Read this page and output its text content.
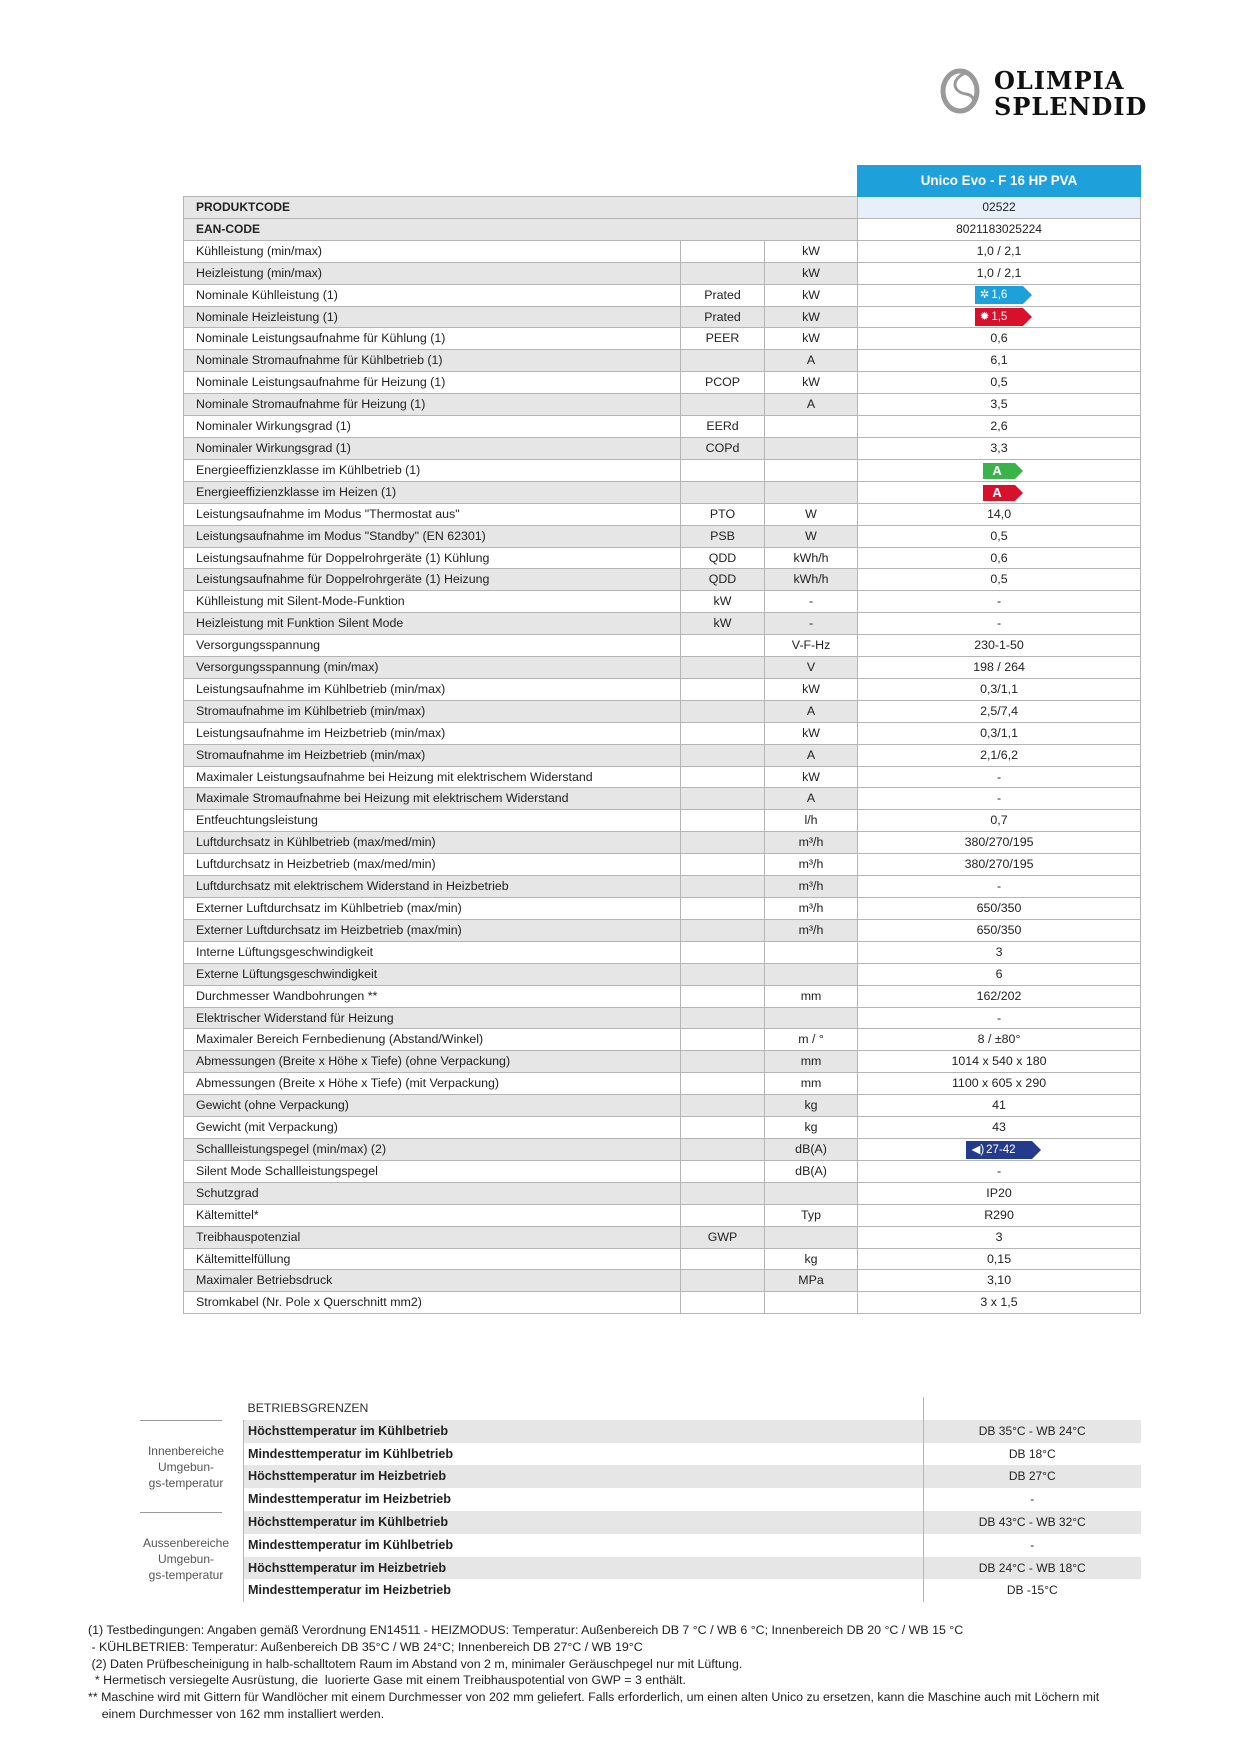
OLIMPIA
SPLENDID
			Unico Evo - F 16 HP PVA
PRODUKTCODE			02522
EAN-CODE			8021183025224
Kühlleistung (min/max)		kW	1,0 / 2,1
Heizleistung (min/max)		kW	1,0 / 2,1
Nominale Kühlleistung (1)	Prated	kW	✲ 1,6
Nominale Heizleistung (1)	Prated	kW	✹ 1,5
Nominale Leistungsaufnahme für Kühlung (1)	PEER	kW	0,6
Nominale Stromaufnahme für Kühlbetrieb (1)		A	6,1
Nominale Leistungsaufnahme für Heizung (1)	PCOP	kW	0,5
Nominale Stromaufnahme für Heizung (1)		A	3,5
Nominaler Wirkungsgrad (1)	EERd		2,6
Nominaler Wirkungsgrad (1)	COPd		3,3
Energieeffizienzklasse im Kühlbetrieb (1)			A
Energieeffizienzklasse im Heizen (1)			A
Leistungsaufnahme im Modus "Thermostat aus"	PTO	W	14,0
Leistungsaufnahme im Modus "Standby" (EN 62301)	PSB	W	0,5
Leistungsaufnahme für Doppelrohrgeräte (1) Kühlung	QDD	kWh/h	0,6
Leistungsaufnahme für Doppelrohrgeräte (1) Heizung	QDD	kWh/h	0,5
Kühlleistung mit Silent-Mode-Funktion	kW	-	-
Heizleistung mit Funktion Silent Mode	kW	-	-
Versorgungsspannung		V-F-Hz	230-1-50
Versorgungsspannung (min/max)		V	198 / 264
Leistungsaufnahme im Kühlbetrieb (min/max)		kW	0,3/1,1
Stromaufnahme im Kühlbetrieb (min/max)		A	2,5/7,4
Leistungsaufnahme im Heizbetrieb (min/max)		kW	0,3/1,1
Stromaufnahme im Heizbetrieb (min/max)		A	2,1/6,2
Maximaler Leistungsaufnahme bei Heizung mit elektrischem Widerstand		kW	-
Maximale Stromaufnahme bei Heizung mit elektrischem Widerstand		A	-
Entfeuchtungsleistung		l/h	0,7
Luftdurchsatz in Kühlbetrieb (max/med/min)		m³/h	380/270/195
Luftdurchsatz in Heizbetrieb (max/med/min)		m³/h	380/270/195
Luftdurchsatz mit elektrischem Widerstand in Heizbetrieb		m³/h	-
Externer Luftdurchsatz im Kühlbetrieb (max/min)		m³/h	650/350
Externer Luftdurchsatz im Heizbetrieb (max/min)		m³/h	650/350
Interne Lüftungsgeschwindigkeit			3
Externe Lüftungsgeschwindigkeit			6
Durchmesser Wandbohrungen **		mm	162/202
Elektrischer Widerstand für Heizung			-
Maximaler Bereich Fernbedienung (Abstand/Winkel)		m / °	8 / ±80°
Abmessungen (Breite x Höhe x Tiefe) (ohne Verpackung)		mm	1014 x 540 x 180
Abmessungen (Breite x Höhe x Tiefe) (mit Verpackung)		mm	1100 x 605 x 290
Gewicht (ohne Verpackung)		kg	41
Gewicht (mit Verpackung)		kg	43
Schallleistungspegel (min/max) (2)		dB(A)	◀) 27-42
Silent Mode Schallleistungspegel		dB(A)	-
Schutzgrad			IP20
Kältemittel*		Typ	R290
Treibhauspotenzial	GWP		3
Kältemittelfüllung		kg	0,15
Maximaler Betriebsdruck		MPa	3,10
Stromkabel (Nr. Pole x Querschnitt mm2)			3 x 1,5
Innenbereiche
Umgebun-
gs-temperatur
Aussenbereiche
Umgebun-
gs-temperatur
BETRIEBSGRENZEN	
Höchsttemperatur im Kühlbetrieb	DB 35°C - WB 24°C
Mindesttemperatur im Kühlbetrieb	DB 18°C
Höchsttemperatur im Heizbetrieb	DB 27°C
Mindesttemperatur im Heizbetrieb	-
Höchsttemperatur im Kühlbetrieb	DB 43°C - WB 32°C
Mindesttemperatur im Kühlbetrieb	-
Höchsttemperatur im Heizbetrieb	DB 24°C - WB 18°C
Mindesttemperatur im Heizbetrieb	DB -15°C

(1) Testbedingungen: Angaben gemäß Verordnung EN14511 - HEIZMODUS: Temperatur: Außenbereich DB 7 °C / WB 6 °C; Innenbereich DB 20 °C / WB 15 °C

- KÜHLBETRIEB: Temperatur: Außenbereich DB 35°C / WB 24°C; Innenbereich DB 27°C / WB 19°C

(2) Daten Prüfbescheinigung in halb-schalltotem Raum im Abstand von 2 m, minimaler Geräuschpegel nur mit Lüftung.

* Hermetisch versiegelte Ausrüstung, die  luorierte Gase mit einem Treibhauspotential von GWP = 3 enthält.

** Maschine wird mit Gittern für Wandlöcher mit einem Durchmesser von 202 mm geliefert. Falls erforderlich, um einen alten Unico zu ersetzen, kann die Maschine auch mit Löchern mit

einem Durchmesser von 162 mm installiert werden.
